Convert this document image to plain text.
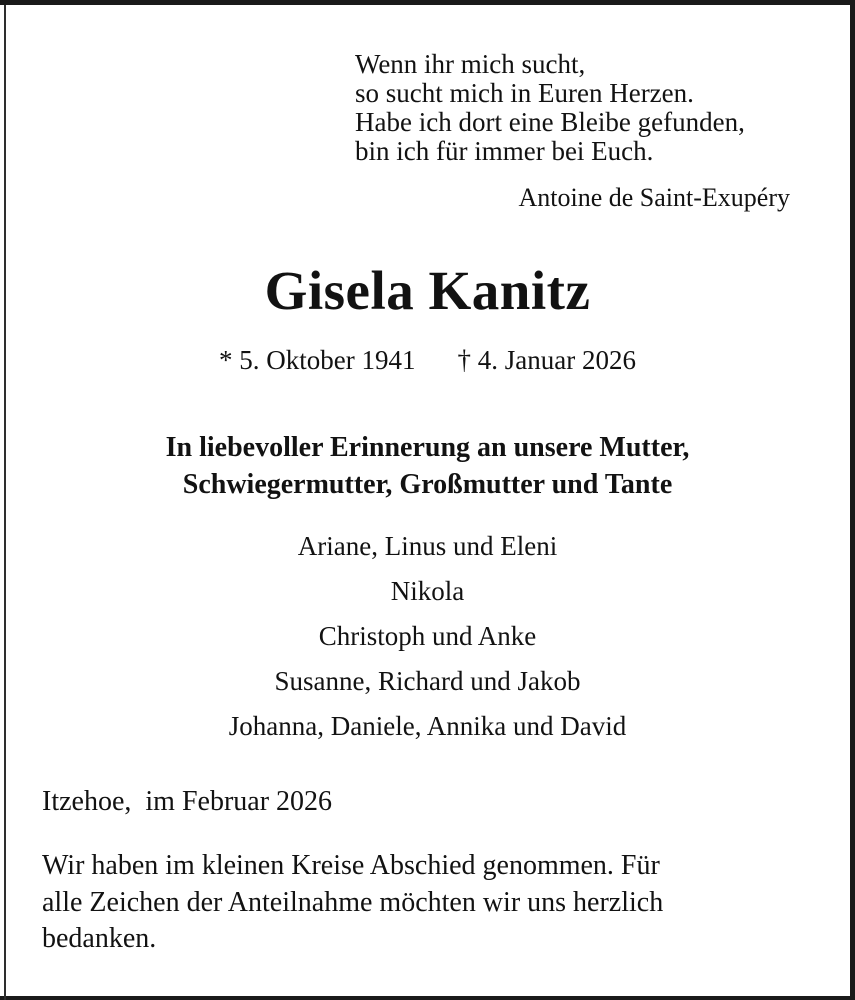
Wenn ihr mich sucht,
so sucht mich in Euren Herzen.
Habe ich dort eine Bleibe gefunden,
bin ich für immer bei Euch.
Antoine de Saint-Exupéry
Gisela Kanitz
* 5. Oktober 1941 † 4. Januar 2026
In liebevoller Erinnerung an unsere Mutter,
Schwiegermutter, Großmutter und Tante
Ariane, Linus und Eleni
Nikola
Christoph und Anke
Susanne, Richard und Jakob
Johanna, Daniele, Annika und David
Itzehoe,  im Februar 2026
Wir haben im kleinen Kreise Abschied genommen. Für
alle Zeichen der Anteilnahme möchten wir uns herzlich
bedanken.
